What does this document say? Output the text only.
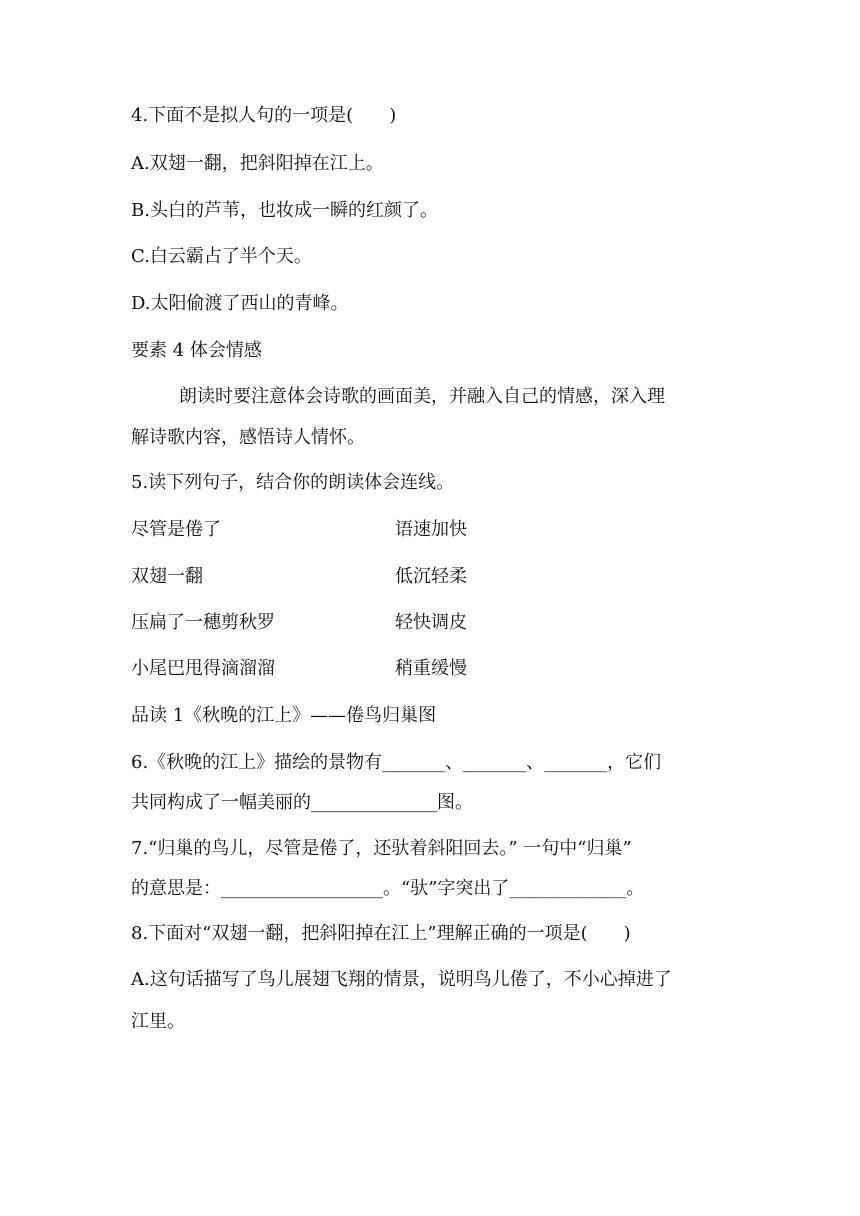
4.下面不是拟人句的一项是(　　)
A.双翅一翻，把斜阳掉在江上。
B.头白的芦苇，也妆成一瞬的红颜了。
C.白云霸占了半个天。
D.太阳偷渡了西山的青峰。
要素 4 体会情感
朗读时要注意体会诗歌的画面美，并融入自己的情感，深入理
解诗歌内容，感悟诗人情怀。
5.读下列句子，结合你的朗读体会连线。
尽管是倦了	语速加快
双翅一翻	低沉轻柔
压扁了一穗剪秋罗	轻快调皮
小尾巴甩得滴溜溜	稍重缓慢
品读 1《秋晚的江上》——倦鸟归巢图
6.《秋晚的江上》描绘的景物有_______、_______、_______，它们
共同构成了一幅美丽的______________图。
7.“归巢的鸟儿，尽管是倦了，还驮着斜阳回去。” 一句中“归巢”
的意思是：__________________。“驮”字突出了_____________。
8.下面对“双翅一翻，把斜阳掉在江上”理解正确的一项是(　　)
A.这句话描写了鸟儿展翅飞翔的情景，说明鸟儿倦了，不小心掉进了
江里。
